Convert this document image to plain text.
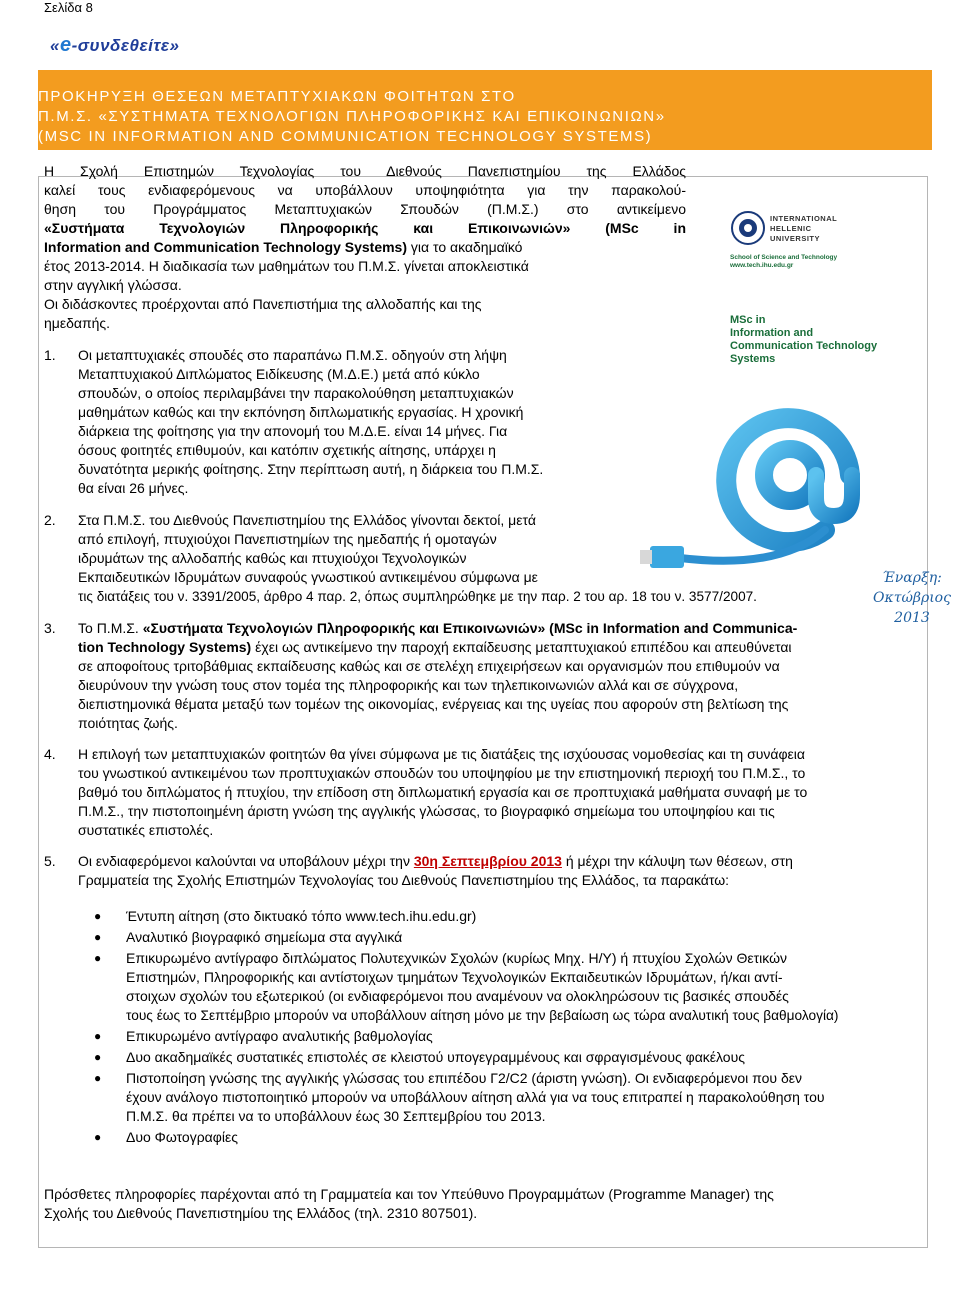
Σελίδα 8
«e-συνδεθείτε»
ΠΡΟΚΗΡΥΞΗ ΘΕΣΕΩΝ ΜΕΤΑΠΤΥΧΙΑΚΩΝ ΦΟΙΤΗΤΩΝ ΣΤΟ
Π.Μ.Σ. «ΣΥΣΤΗΜΑΤΑ ΤΕΧΝΟΛΟΓΙΩΝ ΠΛΗΡΟΦΟΡΙΚΗΣ ΚΑΙ ΕΠΙΚΟΙΝΩΝΙΩΝ»
(MSC IN INFORMATION AND COMMUNICATION TECHNOLOGY SYSTEMS)
INTERNATIONAL
HELLENIC
UNIVERSITY
School of Science and Technology
www.tech.ihu.edu.gr
MSc in
Information and
Communication Technology
Systems
Έναρξη:
Οκτώβριος
2013
Η Σχολή Επιστημών Τεχνολογίας του Διεθνούς Πανεπιστημίου της Ελλάδος
καλεί τους ενδιαφερόμενους να υποβάλλουν υποψηφιότητα για την παρακολού-
θηση του Προγράμματος Μεταπτυχιακών Σπουδών (Π.Μ.Σ.) στο αντικείμενο
«Συστήματα Τεχνολογιών Πληροφορικής και Επικοινωνιών» (MSc in
Information and Communication Technology Systems) για το ακαδημαϊκό
έτος 2013-2014. Η διαδικασία των μαθημάτων του Π.Μ.Σ. γίνεται αποκλειστικά
στην αγγλική γλώσσα.
Οι διδάσκοντες προέρχονται από Πανεπιστήμια της αλλοδαπής και της
ημεδαπής.
1. Οι μεταπτυχιακές σπουδές στο παραπάνω Π.Μ.Σ. οδηγούν στη λήψη
Μεταπτυχιακού Διπλώματος Ειδίκευσης (Μ.Δ.Ε.) μετά από κύκλο
σπουδών, ο οποίος περιλαμβάνει την παρακολούθηση μεταπτυχιακών
μαθημάτων καθώς και την εκπόνηση διπλωματικής εργασίας. Η χρονική
διάρκεια της φοίτησης για την απονομή του Μ.Δ.Ε. είναι 14 μήνες. Για
όσους φοιτητές επιθυμούν, και κατόπιν σχετικής αίτησης, υπάρχει η
δυνατότητα μερικής φοίτησης. Στην περίπτωση αυτή, η διάρκεια του Π.Μ.Σ.
θα είναι 26 μήνες.
2. Στα Π.Μ.Σ. του Διεθνούς Πανεπιστημίου της Ελλάδος γίνονται δεκτοί, μετά
από επιλογή, πτυχιούχοι Πανεπιστημίων της ημεδαπής ή ομοταγών
ιδρυμάτων της αλλοδαπής καθώς και πτυχιούχοι Τεχνολογικών
Εκπαιδευτικών Ιδρυμάτων συναφούς γνωστικού αντικειμένου σύμφωνα με
τις διατάξεις του ν. 3391/2005, άρθρο 4 παρ. 2, όπως συμπληρώθηκε με την παρ. 2 του αρ. 18 του ν. 3577/2007.
3. Το Π.Μ.Σ. «Συστήματα Τεχνολογιών Πληροφορικής και Επικοινωνιών» (MSc in Information and Communica-
tion Technology Systems) έχει ως αντικείμενο την παροχή εκπαίδευσης μεταπτυχιακού επιπέδου και απευθύνεται
σε αποφοίτους τριτοβάθμιας εκπαίδευσης καθώς και σε στελέχη επιχειρήσεων και οργανισμών που επιθυμούν να
διευρύνουν την γνώση τους στον τομέα της πληροφορικής και των τηλεπικοινωνιών αλλά και σε σύγχρονα,
διεπιστημονικά θέματα μεταξύ των τομέων της οικονομίας, ενέργειας και της υγείας που αφορούν στη βελτίωση της
ποιότητας ζωής.
4. Η επιλογή των μεταπτυχιακών φοιτητών θα γίνει σύμφωνα με τις διατάξεις της ισχύουσας νομοθεσίας και τη συνάφεια
του γνωστικού αντικειμένου των προπτυχιακών σπουδών του υποψηφίου με την επιστημονική περιοχή του Π.Μ.Σ., το
βαθμό του διπλώματος ή πτυχίου, την επίδοση στη διπλωματική εργασία και σε προπτυχιακά μαθήματα συναφή με το
Π.Μ.Σ., την πιστοποιημένη άριστη γνώση της αγγλικής γλώσσας, το βιογραφικό σημείωμα του υποψηφίου και τις
συστατικές επιστολές.
5. Οι ενδιαφερόμενοι καλούνται να υποβάλουν μέχρι την 30η Σεπτεμβρίου 2013 ή μέχρι την κάλυψη των θέσεων, στη
Γραμματεία της Σχολής Επιστημών Τεχνολογίας του Διεθνούς Πανεπιστημίου της Ελλάδος, τα παρακάτω:
● Έντυπη αίτηση (στο δικτυακό τόπο www.tech.ihu.edu.gr)
● Αναλυτικό βιογραφικό σημείωμα στα αγγλικά
● Επικυρωμένο αντίγραφο διπλώματος Πολυτεχνικών Σχολών (κυρίως Μηχ. Η/Υ) ή πτυχίου Σχολών Θετικών
Επιστημών, Πληροφορικής και αντίστοιχων τμημάτων Τεχνολογικών Εκπαιδευτικών Ιδρυμάτων, ή/και αντί-
στοιχων σχολών του εξωτερικού (οι ενδιαφερόμενοι που αναμένουν να ολοκληρώσουν τις βασικές σπουδές
τους έως το Σεπτέμβριο μπορούν να υποβάλλουν αίτηση μόνο με την βεβαίωση ως τώρα αναλυτική τους βαθμολογία)
● Επικυρωμένο αντίγραφο αναλυτικής βαθμολογίας
● Δυο ακαδημαϊκές συστατικές επιστολές σε κλειστού υπογεγραμμένους και σφραγισμένους φακέλους
● Πιστοποίηση γνώσης της αγγλικής γλώσσας του επιπέδου Γ2/C2 (άριστη γνώση). Οι ενδιαφερόμενοι που δεν
έχουν ανάλογο πιστοποιητικό μπορούν να υποβάλλουν αίτηση αλλά για να τους επιτραπεί η παρακολούθηση του
Π.Μ.Σ. θα πρέπει να το υποβάλλουν έως 30 Σεπτεμβρίου του 2013.
● Δυο Φωτογραφίες
Πρόσθετες πληροφορίες παρέχονται από τη Γραμματεία και τον Υπεύθυνο Προγραμμάτων (Programme Manager) της
Σχολής του Διεθνούς Πανεπιστημίου της Ελλάδος (τηλ. 2310 807501).
